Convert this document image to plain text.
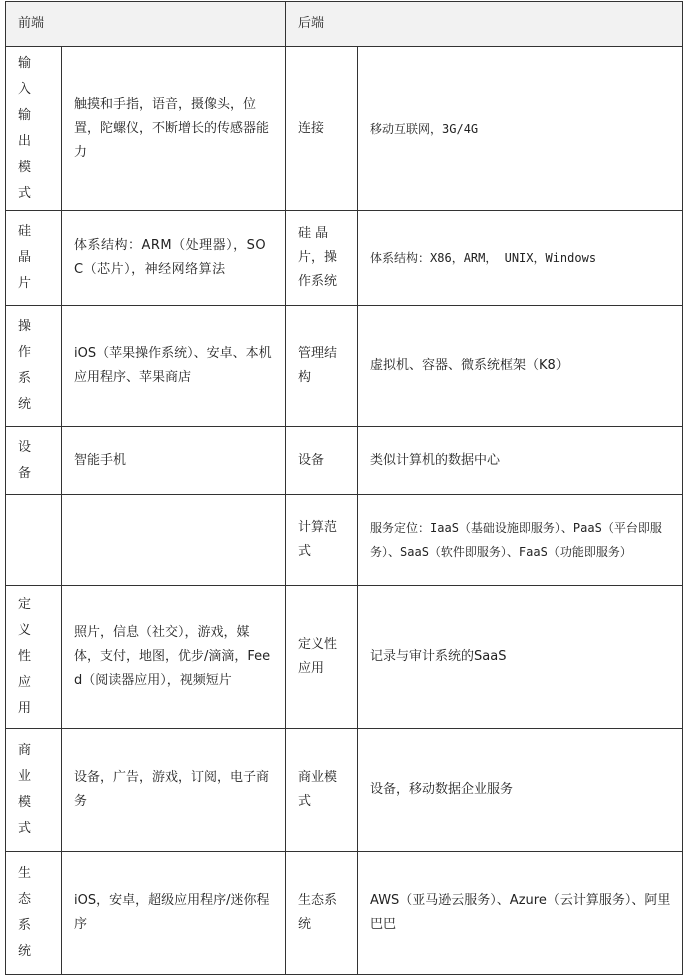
前端		后端	
输入输出模式	触摸和手指，语音，摄像头，位置，陀螺仪，不断增长的传感器能力	连接	移动互联网，3G/4G
硅晶片	体系结构：ARM（处理器），SOC（芯片），神经网络算法	硅 晶 片，操作系统	体系结构：X86，ARM， UNIX，Windows
操作系统	iOS（苹果操作系统）、安卓、本机应用程序、苹果商店	管理结构	虚拟机、容器、微系统框架（K8）
设备	智能手机	设备	类似计算机的数据中心
		计算范式	服务定位：IaaS（基础设施即服务）、PaaS（平台即服务）、SaaS（软件即服务）、FaaS（功能即服务）
定义性应用	照片，信息（社交），游戏，媒体，支付，地图，优步/滴滴，Feed（阅读器应用），视频短片	定义性应用	记录与审计系统的SaaS
商业模式	设备，广告，游戏，订阅，电子商务	商业模式	设备，移动数据企业服务
生态系统	iOS，安卓，超级应用程序/迷你程序	生态系统	AWS（亚马逊云服务）、Azure（云计算服务）、阿里巴巴
